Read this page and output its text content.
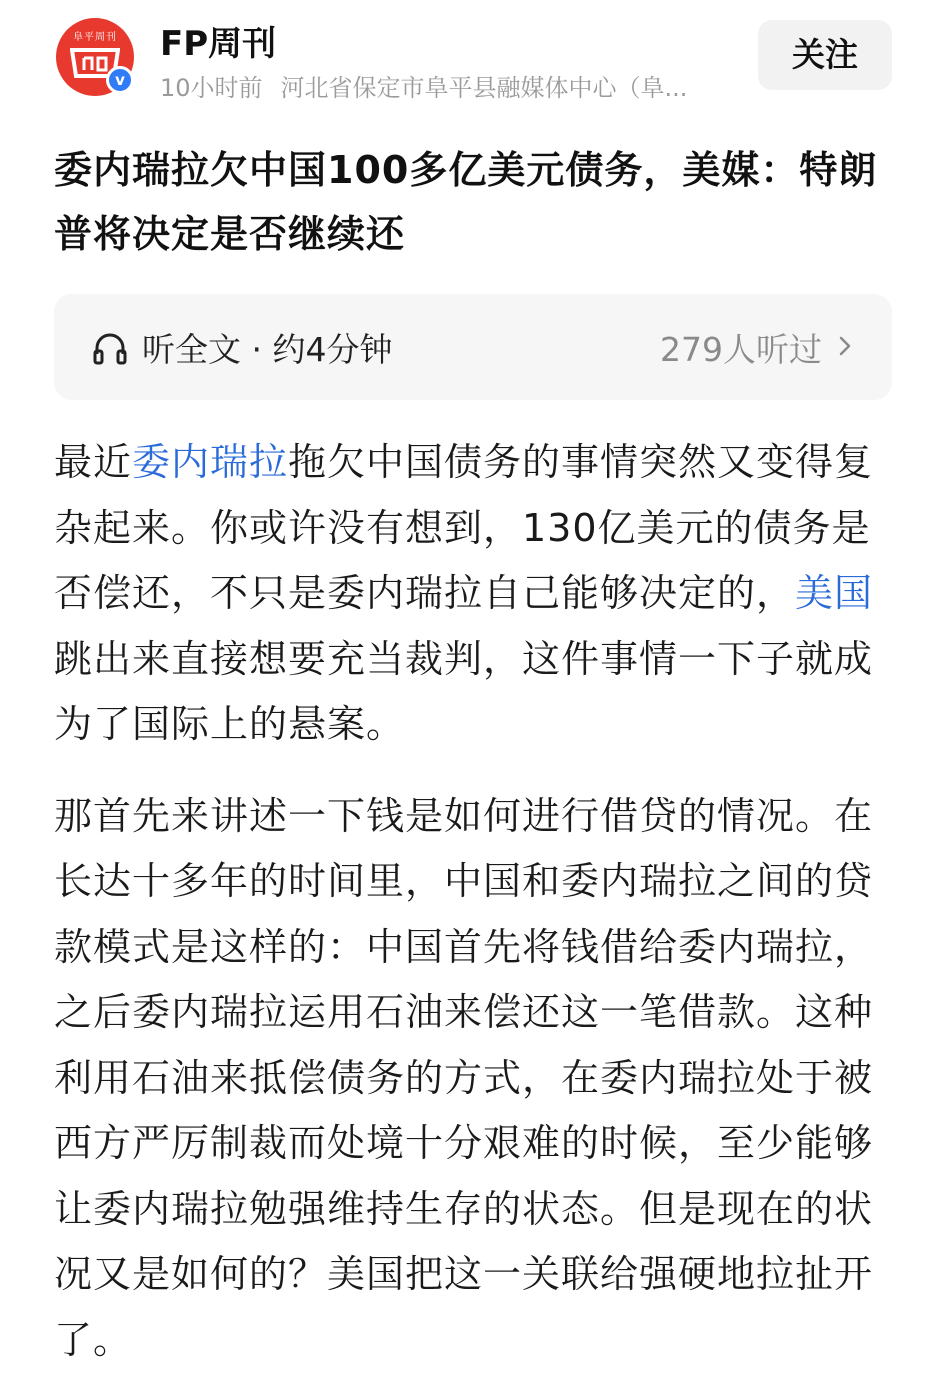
阜平周刊
v
FP周刊
10小时前 河北省保定市阜平县融媒体中心（阜...
关注
委内瑞拉欠中国100多亿美元债务，美媒：特朗普将决定是否继续还
听全文 · 约4分钟	279人听过

最近委内瑞拉拖欠中国债务的事情突然又变得复杂起来。你或许没有想到，130亿美元的债务是否偿还，不只是委内瑞拉自己能够决定的，美国跳出来直接想要充当裁判，这件事情一下子就成为了国际上的悬案。

那首先来讲述一下钱是如何进行借贷的情况。在长达十多年的时间里，中国和委内瑞拉之间的贷款模式是这样的：中国首先将钱借给委内瑞拉，之后委内瑞拉运用石油来偿还这一笔借款。这种利用石油来抵偿债务的方式，在委内瑞拉处于被西方严厉制裁而处境十分艰难的时候，至少能够让委内瑞拉勉强维持生存的状态。但是现在的状况又是如何的？美国把这一关联给强硬地拉扯开了。
